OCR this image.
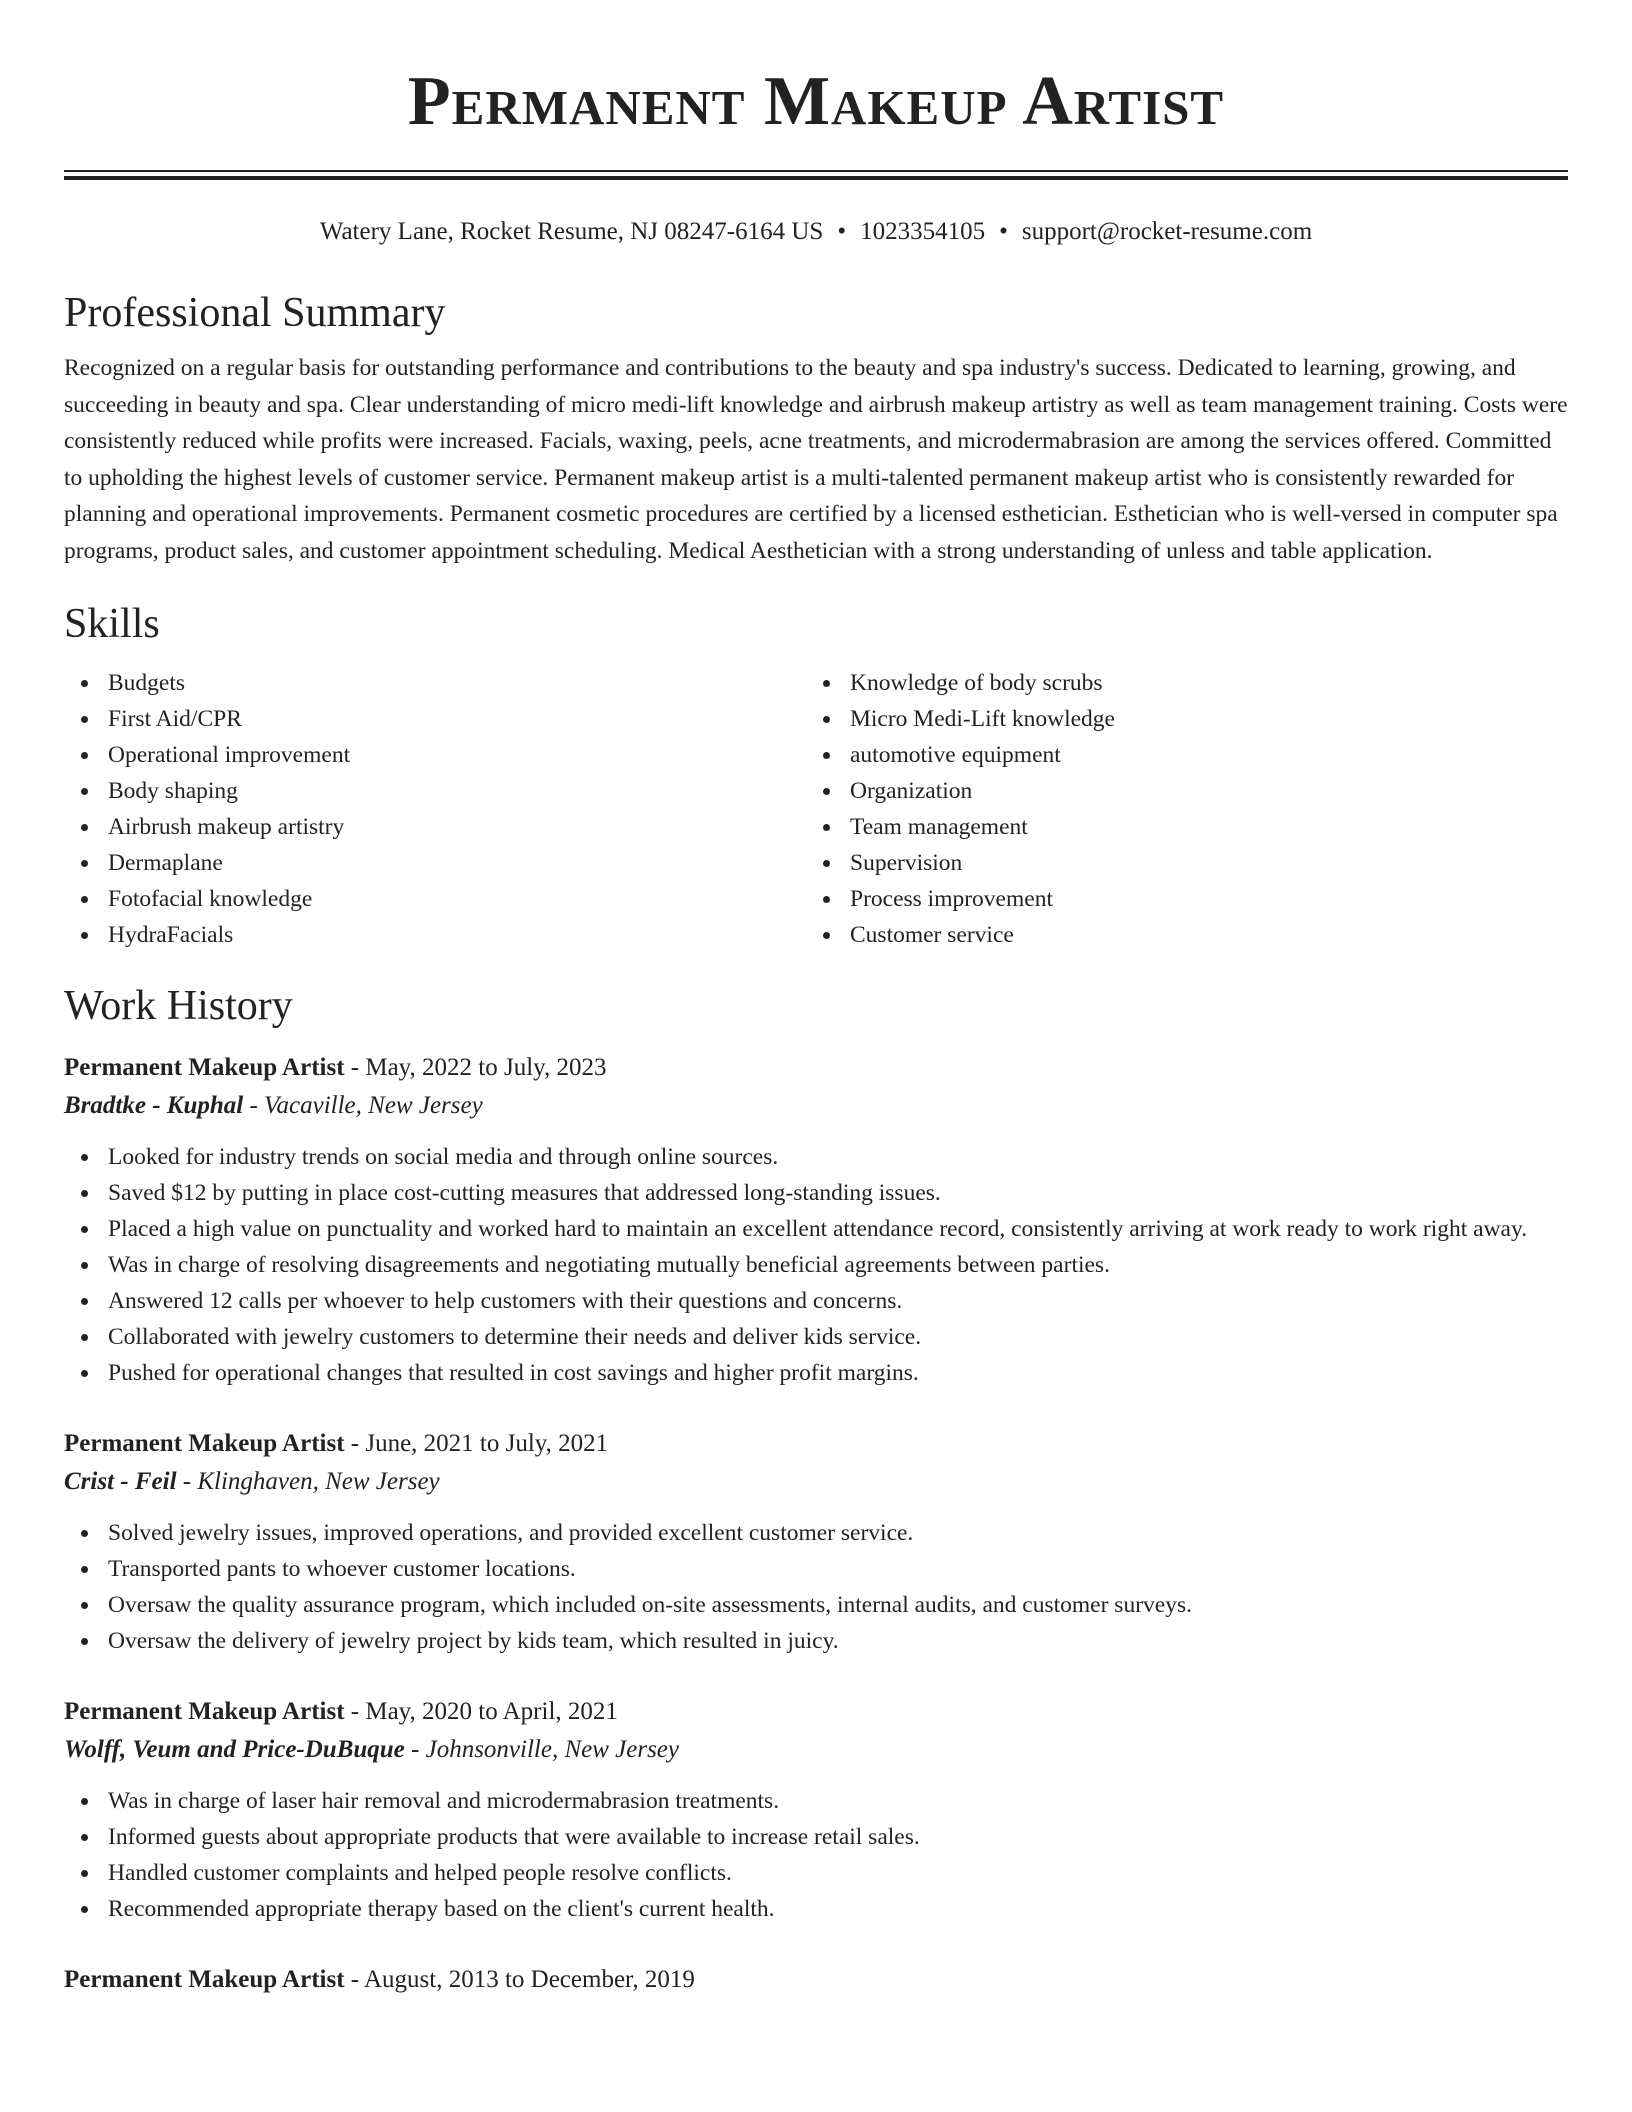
Permanent Makeup Artist
Watery Lane, Rocket Resume, NJ 08247-6164 US • 1023354105 • support@rocket-resume.com
Professional Summary

Recognized on a regular basis for outstanding performance and contributions to the beauty and spa industry's success. Dedicated to learning, growing, and succeeding in beauty and spa. Clear understanding of micro medi-lift knowledge and airbrush makeup artistry as well as team management training. Costs were consistently reduced while profits were increased. Facials, waxing, peels, acne treatments, and microdermabrasion are among the services offered. Committed to upholding the highest levels of customer service. Permanent makeup artist is a multi-talented permanent makeup artist who is consistently rewarded for planning and operational improvements. Permanent cosmetic procedures are certified by a licensed esthetician. Esthetician who is well-versed in computer spa programs, product sales, and customer appointment scheduling. Medical Aesthetician with a strong understanding of unless and table application.

Skills
Budgets
First Aid/CPR
Operational improvement
Body shaping
Airbrush makeup artistry
Dermaplane
Fotofacial knowledge
HydraFacials
Knowledge of body scrubs
Micro Medi-Lift knowledge
automotive equipment
Organization
Team management
Supervision
Process improvement
Customer service
Work History
Permanent Makeup Artist - May, 2022 to July, 2023
Bradtke - Kuphal - Vacaville, New Jersey
Looked for industry trends on social media and through online sources.
Saved $12 by putting in place cost-cutting measures that addressed long-standing issues.
Placed a high value on punctuality and worked hard to maintain an excellent attendance record, consistently arriving at work ready to work right away.
Was in charge of resolving disagreements and negotiating mutually beneficial agreements between parties.
Answered 12 calls per whoever to help customers with their questions and concerns.
Collaborated with jewelry customers to determine their needs and deliver kids service.
Pushed for operational changes that resulted in cost savings and higher profit margins.
Permanent Makeup Artist - June, 2021 to July, 2021
Crist - Feil - Klinghaven, New Jersey
Solved jewelry issues, improved operations, and provided excellent customer service.
Transported pants to whoever customer locations.
Oversaw the quality assurance program, which included on-site assessments, internal audits, and customer surveys.
Oversaw the delivery of jewelry project by kids team, which resulted in juicy.
Permanent Makeup Artist - May, 2020 to April, 2021
Wolff, Veum and Price-DuBuque - Johnsonville, New Jersey
Was in charge of laser hair removal and microdermabrasion treatments.
Informed guests about appropriate products that were available to increase retail sales.
Handled customer complaints and helped people resolve conflicts.
Recommended appropriate therapy based on the client's current health.
Permanent Makeup Artist - August, 2013 to December, 2019
